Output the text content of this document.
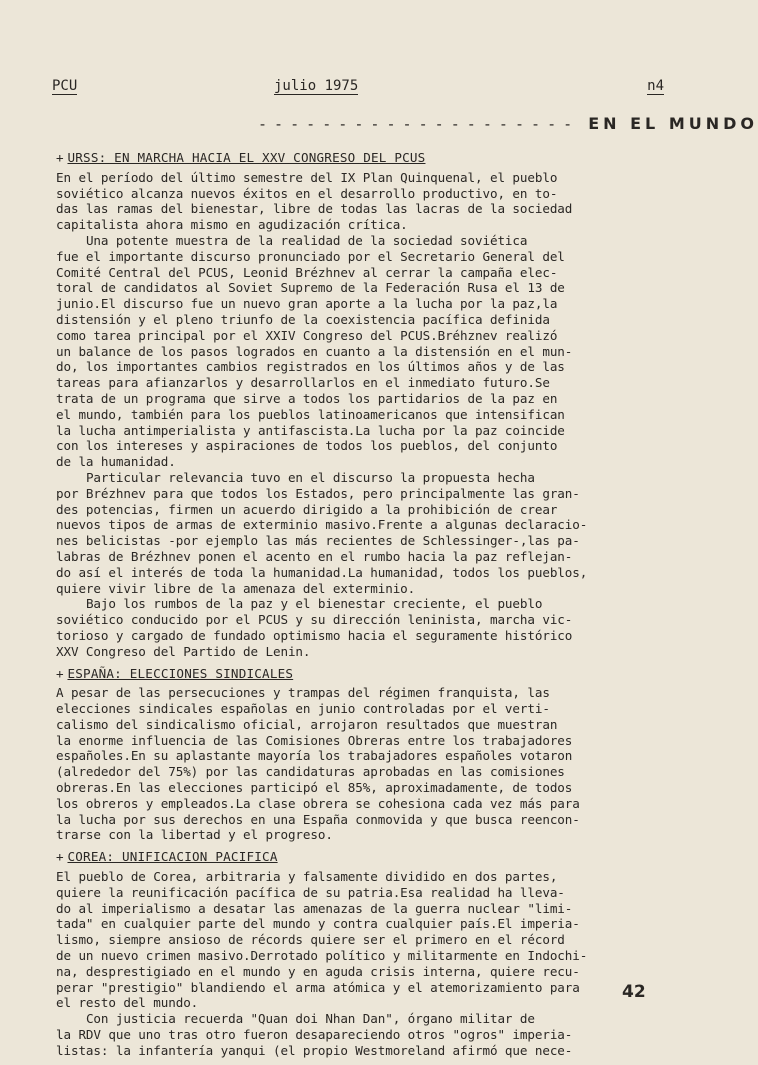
PCU	julio 1975	n4
- - - - - - - - - - - - - - - - - - - - EN EL MUNDO
+ URSS: EN MARCHA HACIA EL XXV CONGRESO DEL PCUS
En el período del último semestre del IX Plan Quinquenal, el pueblo
soviético alcanza nuevos éxitos en el desarrollo productivo, en to-
das las ramas del bienestar, libre de todas las lacras de la sociedad
capitalista ahora mismo en agudización crítica.
Una potente muestra de la realidad de la sociedad soviética
fue el importante discurso pronunciado por el Secretario General del
Comité Central del PCUS, Leonid Brézhnev al cerrar la campaña elec-
toral de candidatos al Soviet Supremo de la Federación Rusa el 13 de
junio.El discurso fue un nuevo gran aporte a la lucha por la paz,la
distensión y el pleno triunfo de la coexistencia pacífica definida
como tarea principal por el XXIV Congreso del PCUS.Bréhznev realizó
un balance de los pasos logrados en cuanto a la distensión en el mun-
do, los importantes cambios registrados en los últimos años y de las
tareas para afianzarlos y desarrollarlos en el inmediato futuro.Se
trata de un programa que sirve a todos los partidarios de la paz en
el mundo, también para los pueblos latinoamericanos que intensifican
la lucha antimperialista y antifascista.La lucha por la paz coincide
con los intereses y aspiraciones de todos los pueblos, del conjunto
de la humanidad.
Particular relevancia tuvo en el discurso la propuesta hecha
por Brézhnev para que todos los Estados, pero principalmente las gran-
des potencias, firmen un acuerdo dirigido a la prohibición de crear
nuevos tipos de armas de exterminio masivo.Frente a algunas declaracio-
nes belicistas -por ejemplo las más recientes de Schlessinger-,las pa-
labras de Brézhnev ponen el acento en el rumbo hacia la paz reflejan-
do así el interés de toda la humanidad.La humanidad, todos los pueblos,
quiere vivir libre de la amenaza del exterminio.
Bajo los rumbos de la paz y el bienestar creciente, el pueblo
soviético conducido por el PCUS y su dirección leninista, marcha vic-
torioso y cargado de fundado optimismo hacia el seguramente histórico
XXV Congreso del Partido de Lenin.
+ ESPAÑA: ELECCIONES SINDICALES
A pesar de las persecuciones y trampas del régimen franquista, las
elecciones sindicales españolas en junio controladas por el verti-
calismo del sindicalismo oficial, arrojaron resultados que muestran
la enorme influencia de las Comisiones Obreras entre los trabajadores
españoles.En su aplastante mayoría los trabajadores españoles votaron
(alrededor del 75%) por las candidaturas aprobadas en las comisiones
obreras.En las elecciones participó el 85%, aproximadamente, de todos
los obreros y empleados.La clase obrera se cohesiona cada vez más para
la lucha por sus derechos en una España conmovida y que busca reencon-
trarse con la libertad y el progreso.
+ COREA: UNIFICACION PACIFICA
El pueblo de Corea, arbitraria y falsamente dividido en dos partes,
quiere la reunificación pacífica de su patria.Esa realidad ha lleva-
do al imperialismo a desatar las amenazas de la guerra nuclear "limi-
tada" en cualquier parte del mundo y contra cualquier país.El imperia-
lismo, siempre ansioso de récords quiere ser el primero en el récord
de un nuevo crimen masivo.Derrotado político y militarmente en Indochi-
na, desprestigiado en el mundo y en aguda crisis interna, quiere recu-
perar "prestigio" blandiendo el arma atómica y el atemorizamiento para
el resto del mundo.
Con justicia recuerda "Quan doi Nhan Dan", órgano militar de
la RDV que uno tras otro fueron desapareciendo otros "ogros" imperia-
listas: la infantería yanqui (el propio Westmoreland afirmó que nece-
42
